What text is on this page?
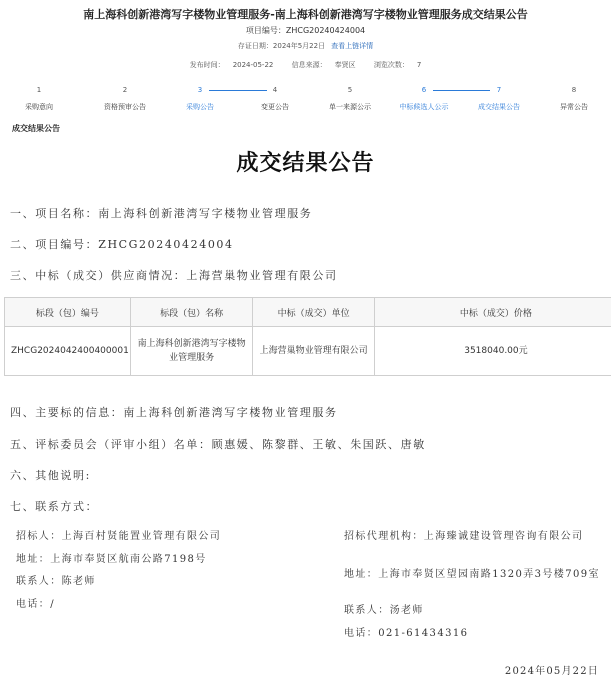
南上海科创新港湾写字楼物业管理服务-南上海科创新港湾写字楼物业管理服务成交结果公告
项目编号：ZHCG20240424004
存证日期：2024年5月22日 查看上链详情
发布时间： 2024-05-22	信息来源： 奉贤区	浏览次数： 7
1
采购意向
2
资格预审公告
3
采购公告
4
变更公告
5
单一来源公示
6
中标候选人公示
7
成交结果公告
8
异常公告
成交结果公告
成交结果公告
一、项目名称：南上海科创新港湾写字楼物业管理服务
二、项目编号：ZHCG20240424004
三、中标（成交）供应商情况：上海营巢物业管理有限公司
标段（包）编号	标段（包）名称	中标（成交）单位	中标（成交）价格
ZHCG2024042400400001	南上海科创新港湾写字楼物业管理服务	上海营巢物业管理有限公司	3518040.00元
四、主要标的信息：南上海科创新港湾写字楼物业管理服务
五、评标委员会（评审小组）名单：顾惠媛、陈黎群、王敏、朱国跃、唐敏
六、其他说明:
七、联系方式：
招标人：上海百村贤能置业管理有限公司
地址：上海市奉贤区航南公路7198号
联系人：陈老师
电话：/
招标代理机构：上海臻诚建设管理咨询有限公司
地址：上海市奉贤区望园南路1320弄3号楼709室
联系人：汤老师
电话：021-61434316
2024年05月22日
